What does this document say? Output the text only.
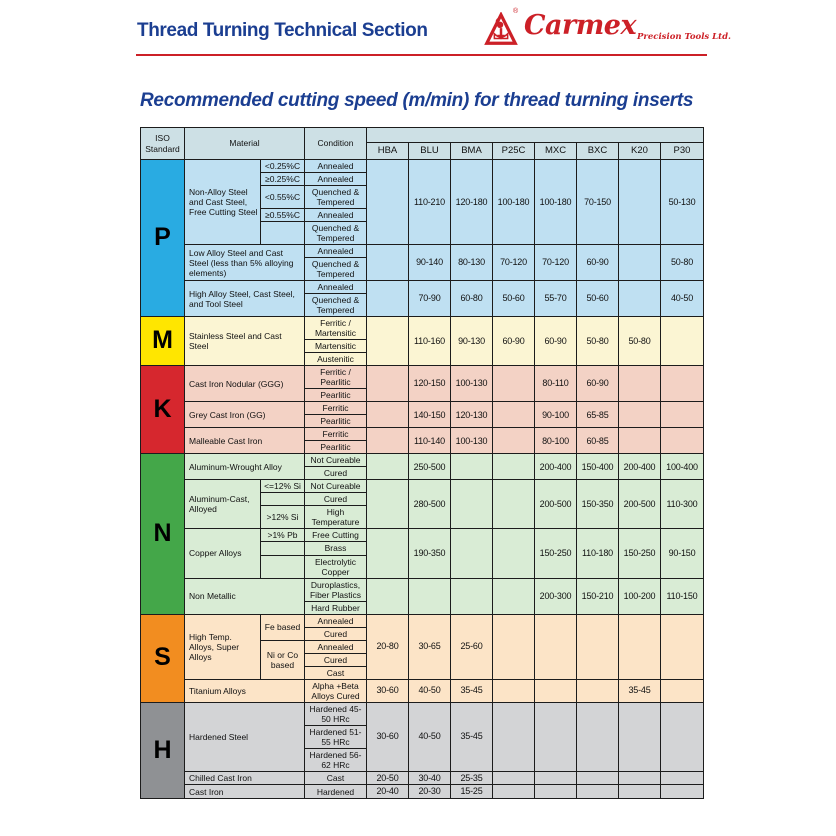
Thread Turning Technical Section
® Carmex Precision Tools Ltd.
Recommended cutting speed (m/min) for thread turning inserts
ISO Standard	Material		Condition								
				HBA	BLU	BMA	P25C	MXC	BXC	K20	P30
P	Non-Alloy Steel and Cast Steel, Free Cutting Steel	<0.25%C	Annealed		110-210	120-180	100-180	100-180	70-150		50-130
		≥0.25%C	Annealed								
		<0.55%C	Quenched & Tempered								
		≥0.55%C	Annealed								
			Quenched & Tempered								
	Low Alloy Steel and Cast Steel (less than 5% alloying elements)		Annealed		90-140	80-130	70-120	70-120	60-90		50-80
			Quenched & Tempered								
	High Alloy Steel, Cast Steel, and Tool Steel		Annealed		70-90	60-80	50-60	55-70	50-60		40-50
			Quenched & Tempered								
M	Stainless Steel and Cast Steel		Ferritic / Martensitic		110-160	90-130	60-90	60-90	50-80	50-80	
			Martensitic								
			Austenitic								
K	Cast Iron Nodular (GGG)		Ferritic / Pearlitic		120-150	100-130		80-110	60-90		
			Pearlitic								
	Grey Cast Iron (GG)		Ferritic		140-150	120-130		90-100	65-85		
			Pearlitic								
	Malleable Cast Iron		Ferritic		110-140	100-130		80-100	60-85		
			Pearlitic								
N	Aluminum-Wrought Alloy		Not Cureable		250-500			200-400	150-400	200-400	100-400
			Cured								
	Aluminum-Cast, Alloyed	<=12% Si	Not Cureable		280-500			200-500	150-350	200-500	110-300
			Cured								
		>12% Si	High Temperature								
	Copper Alloys	>1% Pb	Free Cutting		190-350			150-250	110-180	150-250	90-150
			Brass								
			Electrolytic Copper								
	Non Metallic		Duroplastics, Fiber Plastics					200-300	150-210	100-200	110-150
			Hard Rubber								
S	High Temp. Alloys, Super Alloys	Fe based	Annealed	20-80	30-65	25-60					
			Cured								
		Ni or Co based	Annealed								
			Cured								
			Cast								
	Titanium Alloys		Alpha +Beta Alloys Cured	30-60	40-50	35-45				35-45	
H	Hardened Steel		Hardened 45-50 HRc	30-60	40-50	35-45					
			Hardened 51-55 HRc								
			Hardened 56-62 HRc								
	Chilled Cast Iron		Cast	20-50	30-40	25-35					
	Cast Iron		Hardened	20-40	20-30	15-25					
